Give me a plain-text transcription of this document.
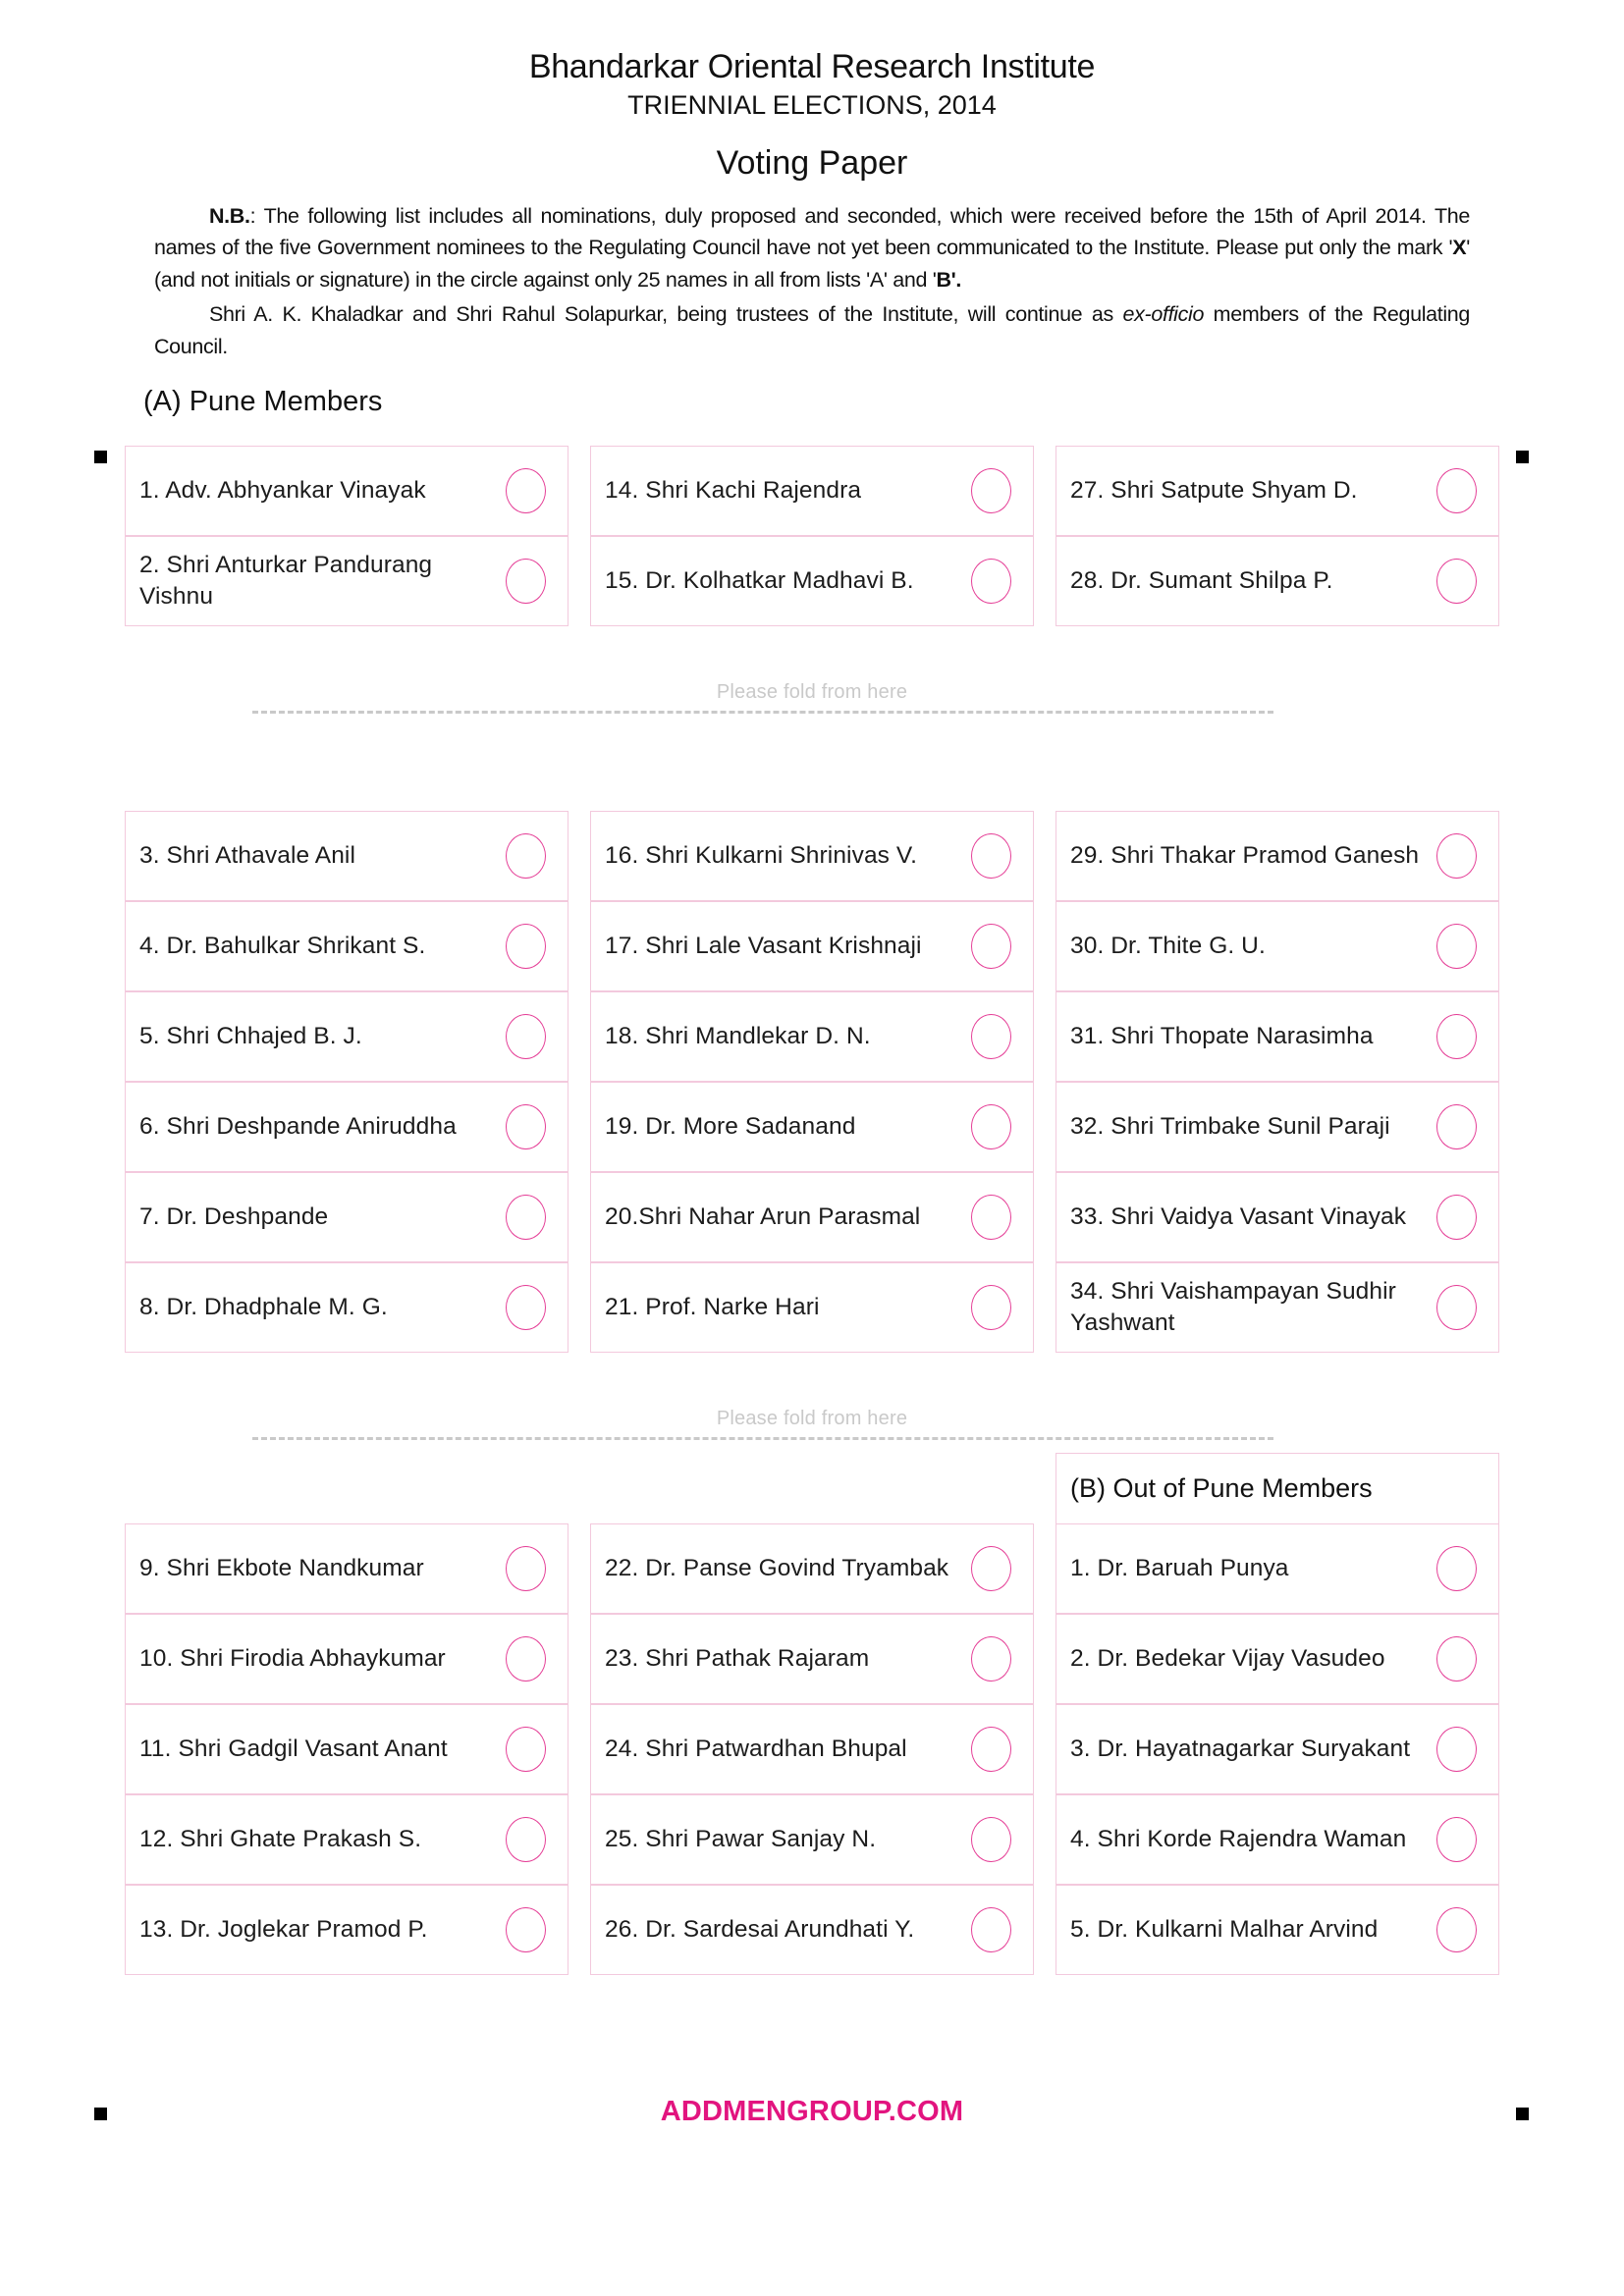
Bhandarkar Oriental Research Institute
TRIENNIAL ELECTIONS, 2014
Voting Paper

N.B.: The following list includes all nominations, duly proposed and seconded, which were received before the 15th of April 2014. The names of the five Government nominees to the Regulating Council have not yet been communicated to the Institute. Please put only the mark 'X' (and not initials or signature) in the circle against only 25 names in all from lists 'A' and 'B'.

Shri A. K. Khaladkar and Shri Rahul Solapurkar, being trustees of the Institute, will continue as ex-officio members of the Regulating Council.

(A) Pune Members
1. Adv. Abhyankar Vinayak
2. Shri Anturkar Pandurang Vishnu
14. Shri Kachi Rajendra
15. Dr. Kolhatkar Madhavi B.
27. Shri Satpute Shyam D.
28. Dr. Sumant Shilpa P.
Please fold from here
3. Shri Athavale Anil
4. Dr. Bahulkar Shrikant S.
5. Shri Chhajed B. J.
6. Shri Deshpande Aniruddha
7. Dr. Deshpande
8. Dr. Dhadphale M. G.
16. Shri Kulkarni Shrinivas V.
17. Shri Lale Vasant Krishnaji
18. Shri Mandlekar D. N.
19. Dr. More Sadanand
20.Shri Nahar Arun Parasmal
21. Prof. Narke Hari
29. Shri Thakar Pramod Ganesh
30. Dr. Thite G. U.
31. Shri Thopate Narasimha
32. Shri Trimbake Sunil Paraji
33. Shri Vaidya Vasant Vinayak
34. Shri Vaishampayan Sudhir Yashwant
Please fold from here
9. Shri Ekbote Nandkumar
10. Shri Firodia Abhaykumar
11. Shri Gadgil Vasant Anant
12. Shri Ghate Prakash S.
13. Dr. Joglekar Pramod P.
22. Dr. Panse Govind Tryambak
23. Shri Pathak Rajaram
24. Shri Patwardhan Bhupal
25. Shri Pawar Sanjay N.
26. Dr. Sardesai Arundhati Y.
(B) Out of Pune Members
1. Dr. Baruah Punya
2. Dr. Bedekar Vijay Vasudeo
3. Dr. Hayatnagarkar Suryakant
4. Shri Korde Rajendra Waman
5. Dr. Kulkarni Malhar Arvind
ADDMENGROUP.COM
